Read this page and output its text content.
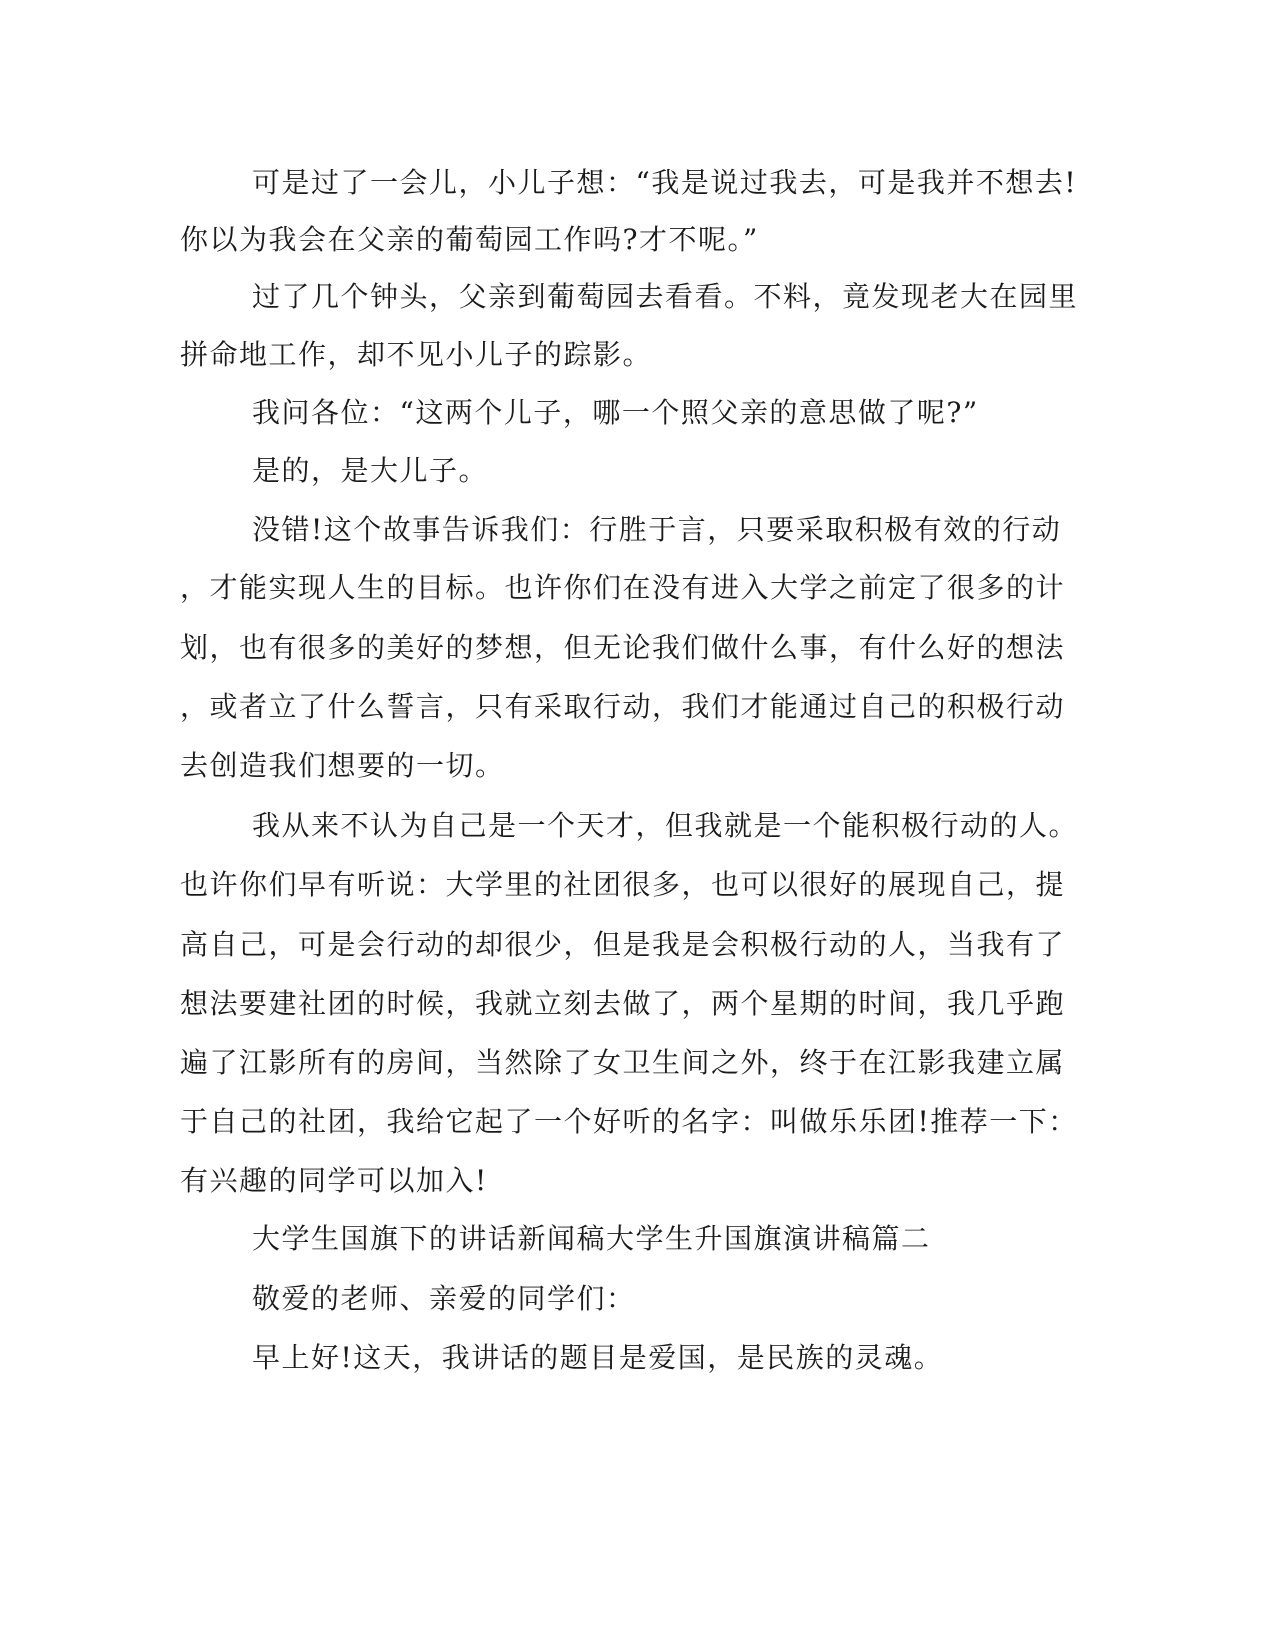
可是过了一会儿，小儿子想：“我是说过我去，可是我并不想去!
你以为我会在父亲的葡萄园工作吗?才不呢。”
过了几个钟头，父亲到葡萄园去看看。不料，竟发现老大在园里
拼命地工作，却不见小儿子的踪影。
我问各位：“这两个儿子，哪一个照父亲的意思做了呢?”
是的，是大儿子。
没错!这个故事告诉我们：行胜于言，只要采取积极有效的行动
，才能实现人生的目标。也许你们在没有进入大学之前定了很多的计
划，也有很多的美好的梦想，但无论我们做什么事，有什么好的想法
，或者立了什么誓言，只有采取行动，我们才能通过自己的积极行动
去创造我们想要的一切。
我从来不认为自己是一个天才，但我就是一个能积极行动的人。
也许你们早有听说：大学里的社团很多，也可以很好的展现自己，提
高自己，可是会行动的却很少，但是我是会积极行动的人，当我有了
想法要建社团的时候，我就立刻去做了，两个星期的时间，我几乎跑
遍了江影所有的房间，当然除了女卫生间之外，终于在江影我建立属
于自己的社团，我给它起了一个好听的名字：叫做乐乐团!推荐一下：
有兴趣的同学可以加入!
大学生国旗下的讲话新闻稿大学生升国旗演讲稿篇二
敬爱的老师、亲爱的同学们：
早上好!这天，我讲话的题目是爱国，是民族的灵魂。
